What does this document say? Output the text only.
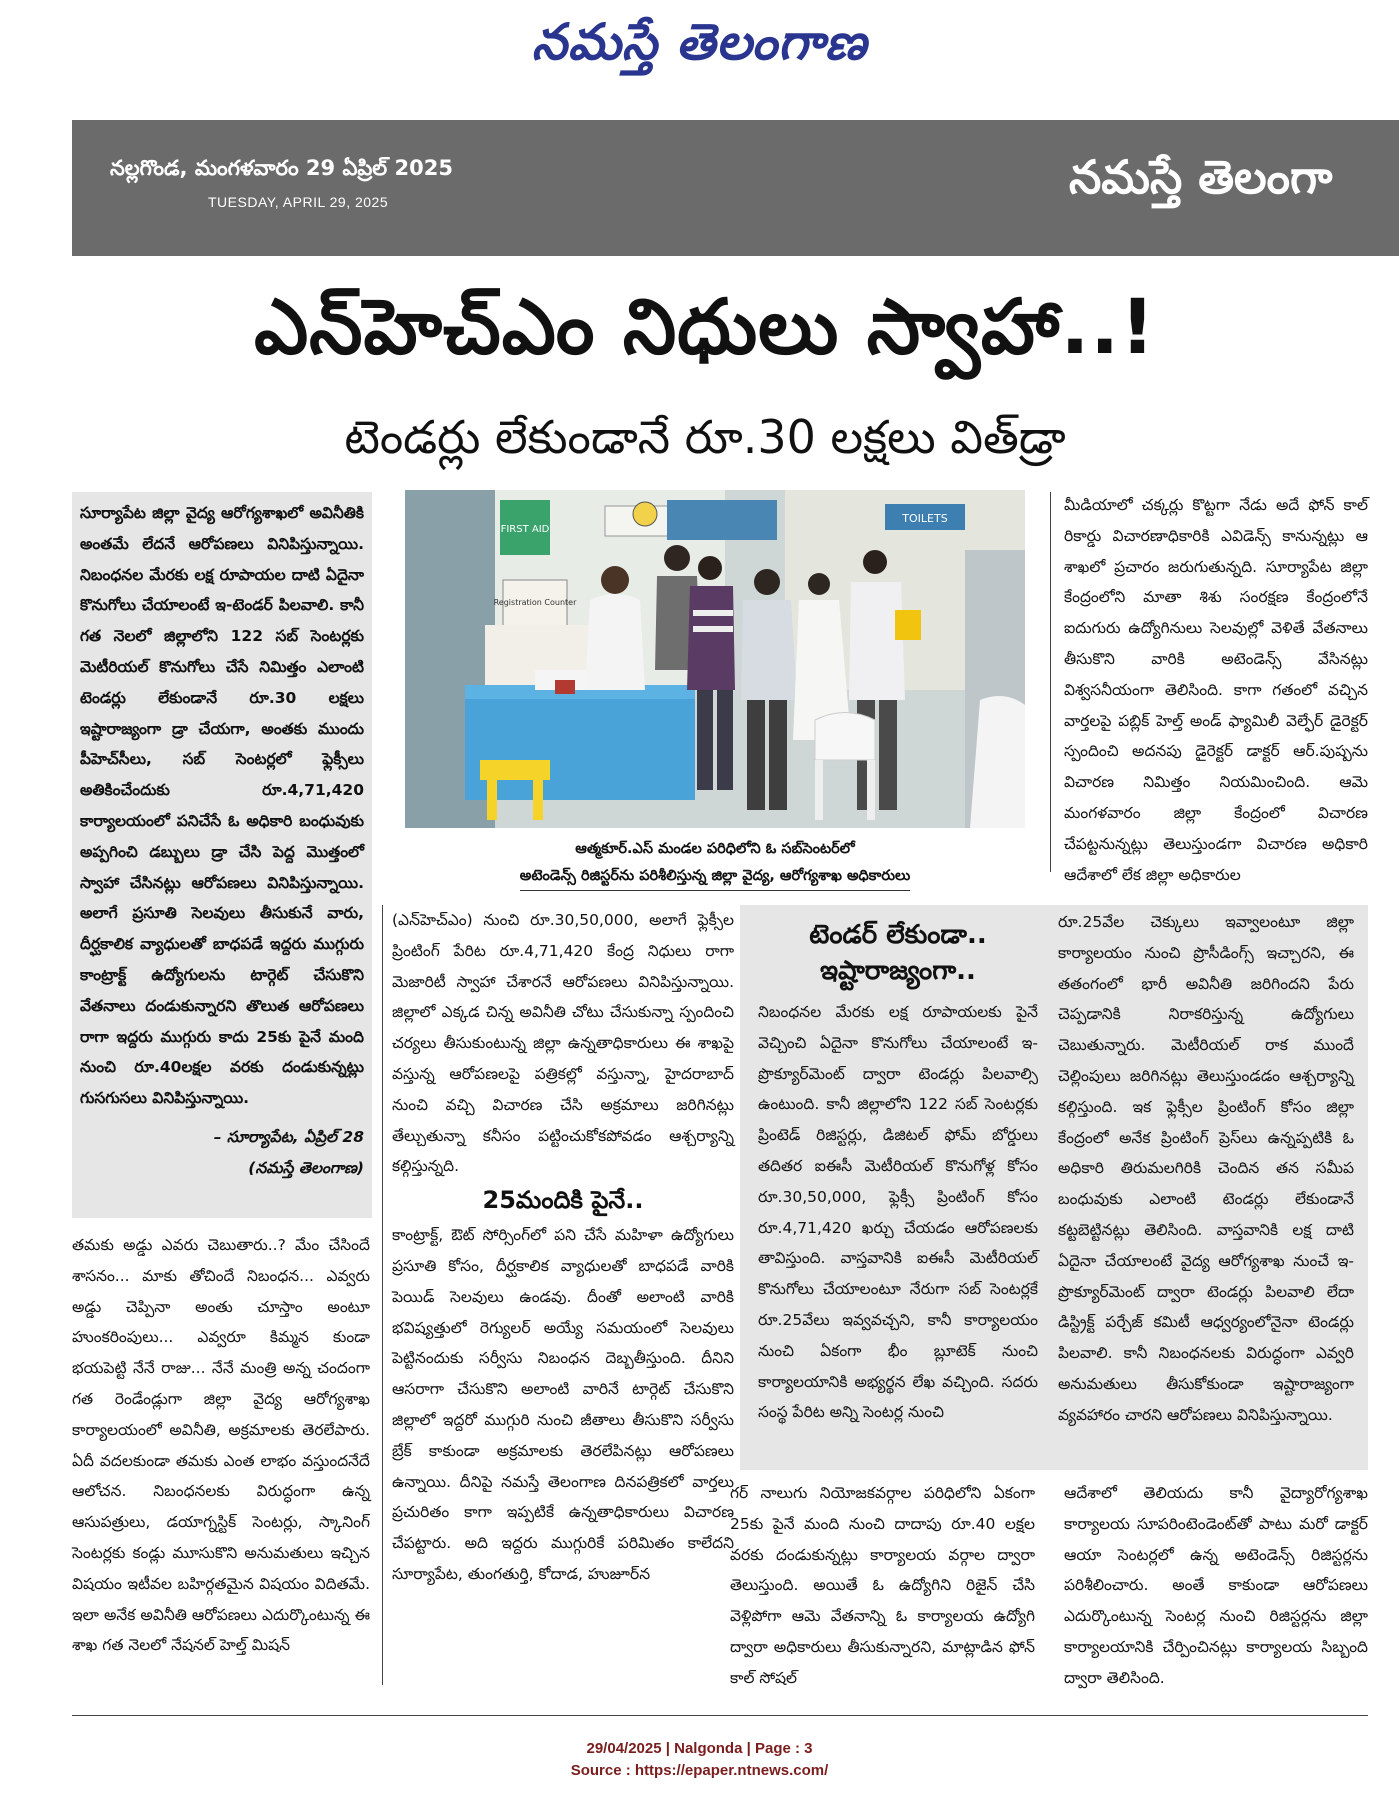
నమస్తే తెలంగాణ
నల్లగొండ, మంగళవారం 29 ఏప్రిల్ 2025
TUESDAY, APRIL 29, 2025	నమస్తే తెలంగా
ఎన్‌హెచ్‌ఎం నిధులు స్వాహా..!
టెండర్లు లేకుండానే రూ.30 లక్షలు విత్‌డ్రా

సూర్యాపేట జిల్లా వైద్య ఆరోగ్యశాఖలో అవినీతికి అంతమే లేదనే ఆరోపణలు వినిపిస్తున్నాయి. నిబంధనల మేరకు లక్ష రూపాయల దాటి ఏదైనా కొనుగోలు చేయాలంటే ఇ-టెండర్ పిలవాలి. కానీ గత నెలలో జిల్లాలోని 122 సబ్ సెంటర్లకు మెటీరియల్ కొనుగోలు చేసే నిమిత్తం ఎలాంటి టెండర్లు లేకుండానే రూ.30 లక్షలు ఇష్టారాజ్యంగా డ్రా చేయగా, అంతకు ముందు పీహెచ్‌సీలు, సబ్ సెంటర్లలో ఫ్లెక్సీలు అతికించేందుకు రూ.4,71,420 కార్యాలయంలో పనిచేసే ఓ అధికారి బంధువుకు అప్పగించి డబ్బులు డ్రా చేసి పెద్ద మొత్తంలో స్వాహా చేసినట్లు ఆరోపణలు వినిపిస్తున్నాయి. అలాగే ప్రసూతి సెలవులు తీసుకునే వారు, దీర్ఘకాలిక వ్యాధులతో బాధపడే ఇద్దరు ముగ్గురు కాంట్రాక్ట్ ఉద్యోగులను టార్గెట్ చేసుకొని వేతనాలు దండుకున్నారని తొలుత ఆరోపణలు రాగా ఇద్దరు ముగ్గురు కాదు 25కు పైనే మంది నుంచి రూ.40లక్షల వరకు దండుకున్నట్లు గుసగుసలు వినిపిస్తున్నాయి.

– సూర్యాపేట, ఏప్రిల్ 28
(నమస్తే తెలంగాణ)
FIRST AID
TOILETS
Registration Counter
ఆత్మకూర్.ఎస్ మండల పరిధిలోని ఓ సబ్‌సెంటర్‌లో
అటెండెన్స్ రిజిస్టర్‌ను పరిశీలిస్తున్న జిల్లా వైద్య, ఆరోగ్యశాఖ అధికారులు

తమకు అడ్డు ఎవరు చెబుతారు..? మేం చేసిందే శాసనం... మాకు తోచిందే నిబంధన... ఎవ్వరు అడ్డు చెప్పినా అంతు చూస్తాం అంటూ హుంకరింపులు... ఎవ్వరూ కిమ్మన కుండా భయపెట్టి నేనే రాజు... నేనే మంత్రి అన్న చందంగా గత రెండేండ్లుగా జిల్లా వైద్య ఆరోగ్యశాఖ కార్యాలయంలో అవినీతి, అక్రమాలకు తెరలేపారు. ఏదీ వదలకుండా తమకు ఎంత లాభం వస్తుందనేదే ఆలోచన. నిబంధనలకు విరుద్ధంగా ఉన్న ఆసుపత్రులు, డయాగ్నస్టిక్ సెంటర్లు, స్కానింగ్ సెంటర్లకు కండ్లు మూసుకొని అనుమతులు ఇచ్చిన విషయం ఇటీవల బహిర్గతమైన విషయం విదితమే. ఇలా అనేక అవినీతి ఆరోపణలు ఎదుర్కొంటున్న ఈ శాఖ గత నెలలో నేషనల్ హెల్త్ మిషన్

(ఎన్‌హెచ్‌ఎం) నుంచి రూ.30,50,000, అలాగే ఫ్లెక్సీల ప్రింటింగ్ పేరిట రూ.4,71,420 కేంద్ర నిధులు రాగా మెజారిటీ స్వాహా చేశారనే ఆరోపణలు వినిపిస్తున్నాయి. జిల్లాలో ఎక్కడ చిన్న అవినీతి చోటు చేసుకున్నా స్పందించి చర్యలు తీసుకుంటున్న జిల్లా ఉన్నతాధికారులు ఈ శాఖపై వస్తున్న ఆరోపణలపై పత్రికల్లో వస్తున్నా, హైదరాబాద్ నుంచి వచ్చి విచారణ చేసి అక్రమాలు జరిగినట్లు తేల్చుతున్నా కనీసం పట్టించుకోకపోవడం ఆశ్చర్యాన్ని కల్గిస్తున్నది.

25మందికి పైనే..

కాంట్రాక్ట్, ఔట్ సోర్సింగ్‌లో పని చేసే మహిళా ఉద్యోగులు ప్రసూతి కోసం, దీర్ఘకాలిక వ్యాధులతో బాధపడే వారికి పెయిడ్ సెలవులు ఉండవు. దీంతో అలాంటి వారికి భవిష్యత్తులో రెగ్యులర్ అయ్యే సమయంలో సెలవులు పెట్టినందుకు సర్వీసు నిబంధన దెబ్బతీస్తుంది. దీనిని ఆసరాగా చేసుకొని అలాంటి వారినే టార్గెట్ చేసుకొని జిల్లాలో ఇద్దరో ముగ్గురి నుంచి జీతాలు తీసుకొని సర్వీసు బ్రేక్ కాకుండా అక్రమాలకు తెరలేపినట్లు ఆరోపణలు ఉన్నాయి. దీనిపై నమస్తే తెలంగాణ దినపత్రికలో వార్తలు ప్రచురితం కాగా ఇప్పటికే ఉన్నతాధికారులు విచారణ చేపట్టారు. అది ఇద్దరు ముగ్గురికే పరిమితం కాలేదని సూర్యాపేట, తుంగతుర్తి, కోదాడ, హుజూర్‌న

టెండర్ లేకుండా.. ఇష్టారాజ్యంగా..

నిబంధనల మేరకు లక్ష రూపాయలకు పైనే వెచ్చించి ఏదైనా కొనుగోలు చేయాలంటే ఇ-ప్రొక్యూర్‌మెంట్ ద్వారా టెండర్లు పిలవాల్సి ఉంటుంది. కానీ జిల్లాలోని 122 సబ్ సెంటర్లకు ప్రింటెడ్ రిజిస్టర్లు, డిజిటల్ ఫోమ్ బోర్డులు తదితర ఐఈసీ మెటీరియల్ కొనుగోళ్ల కోసం రూ.30,50,000, ఫ్లెక్సీ ప్రింటింగ్ కోసం రూ.4,71,420 ఖర్చు చేయడం ఆరోపణలకు తావిస్తుంది. వాస్తవానికి ఐఈసీ మెటీరియల్ కొనుగోలు చేయాలంటూ నేరుగా సబ్ సెంటర్లకే రూ.25వేలు ఇవ్వవచ్చని, కానీ కార్యాలయం నుంచి ఏకంగా భీం బ్లూటెక్ నుంచి కార్యాలయానికి అభ్యర్థన లేఖ వచ్చింది. సదరు సంస్థ పేరిట అన్ని సెంటర్ల నుంచి

రూ.25వేల చెక్కులు ఇవ్వాలంటూ జిల్లా కార్యాలయం నుంచి ప్రొసీడింగ్స్ ఇచ్చారని, ఈ తతంగంలో భారీ అవినీతి జరిగిందని పేరు చెప్పడానికి నిరాకరిస్తున్న ఉద్యోగులు చెబుతున్నారు. మెటీరియల్ రాక ముందే చెల్లింపులు జరిగినట్లు తెలుస్తుండడం ఆశ్చర్యాన్ని కల్గిస్తుంది. ఇక ఫ్లెక్సీల ప్రింటింగ్ కోసం జిల్లా కేంద్రంలో అనేక ప్రింటింగ్ ప్రెస్‌లు ఉన్నప్పటికి ఓ అధికారి తిరుమలగిరికి చెందిన తన సమీప బంధువుకు ఎలాంటి టెండర్లు లేకుండానే కట్టబెట్టినట్లు తెలిసింది. వాస్తవానికి లక్ష దాటి ఏదైనా చేయాలంటే వైద్య ఆరోగ్యశాఖ నుంచే ఇ-ప్రొక్యూర్‌మెంట్ ద్వారా టెండర్లు పిలవాలి లేదా డిస్ట్రిక్ట్ పర్చేజ్ కమిటీ ఆధ్వర్యంలోనైనా టెండర్లు పిలవాలి. కానీ నిబంధనలకు విరుద్ధంగా ఎవ్వరి అనుమతులు తీసుకోకుండా ఇష్టారాజ్యంగా వ్యవహారం చారని ఆరోపణలు వినిపిస్తున్నాయి.

మీడియాలో చక్కర్లు కొట్టగా నేడు అదే ఫోన్ కాల్ రికార్డు విచారణాధికారికి ఎవిడెన్స్ కానున్నట్లు ఆ శాఖలో ప్రచారం జరుగుతున్నది. సూర్యాపేట జిల్లా కేంద్రంలోని మాతా శిశు సంరక్షణ కేంద్రంలోనే ఐదుగురు ఉద్యోగినులు సెలవుల్లో వెళితే వేతనాలు తీసుకొని వారికి అటెండెన్స్ వేసినట్లు విశ్వసనీయంగా తెలిసింది. కాగా గతంలో వచ్చిన వార్తలపై పబ్లిక్ హెల్త్ అండ్ ఫ్యామిలీ వెల్ఫేర్ డైరెక్టర్ స్పందించి అదనపు డైరెక్టర్ డాక్టర్ ఆర్.పుష్పను విచారణ నిమిత్తం నియమించింది. ఆమె మంగళవారం జిల్లా కేంద్రంలో విచారణ చేపట్టనున్నట్లు తెలుస్తుండగా విచారణ అధికారి ఆదేశాలో లేక జిల్లా అధికారుల

గర్ నాలుగు నియోజకవర్గాల పరిధిలోని ఏకంగా 25కు పైనే మంది నుంచి దాదాపు రూ.40 లక్షల వరకు దండుకున్నట్లు కార్యాలయ వర్గాల ద్వారా తెలుస్తుంది. అయితే ఓ ఉద్యోగిని రిజైన్ చేసి వెళ్లిపోగా ఆమె వేతనాన్ని ఓ కార్యాలయ ఉద్యోగి ద్వారా అధికారులు తీసుకున్నారని, మాట్లాడిన ఫోన్ కాల్ సోషల్

ఆదేశాలో తెలియదు కానీ వైద్యారోగ్యశాఖ కార్యాలయ సూపరింటెండెంట్‌తో పాటు మరో డాక్టర్ ఆయా సెంటర్లలో ఉన్న అటెండెన్స్ రిజిస్టర్లను పరిశీలించారు. అంతే కాకుండా ఆరోపణలు ఎదుర్కొంటున్న సెంటర్ల నుంచి రిజిస్టర్లను జిల్లా కార్యాలయానికి చేర్పించినట్లు కార్యాలయ సిబ్బంది ద్వారా తెలిసింది.

29/04/2025 | Nalgonda | Page : 3
Source : https://epaper.ntnews.com/
